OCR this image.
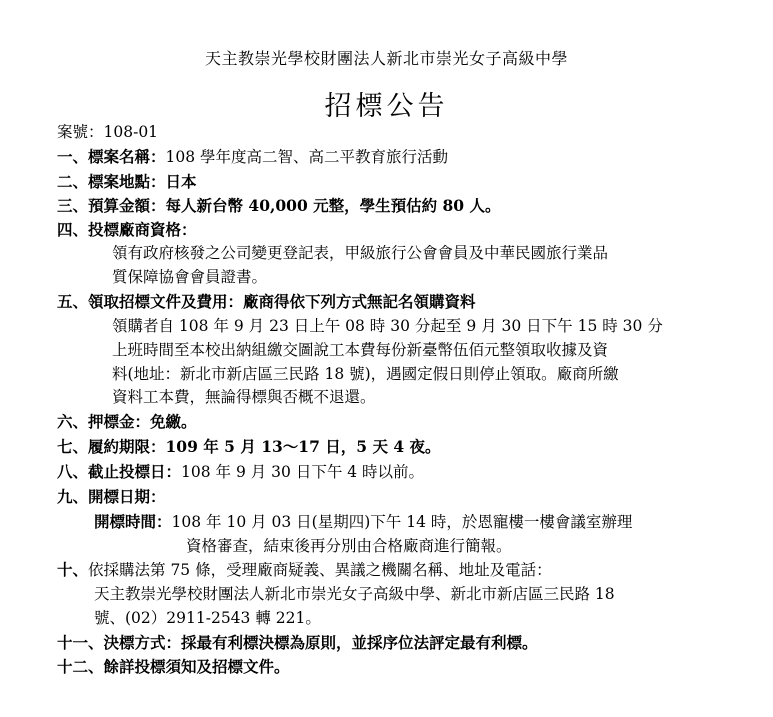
天主教崇光學校財團法人新北市崇光女子高級中學
招標公告
案號：108-01
一、標案名稱：108 學年度高二智、高二平教育旅行活動
二、標案地點：日本
三、預算金額：每人新台幣 40,000 元整，學生預估約 80 人。
四、投標廠商資格：
領有政府核發之公司變更登記表，甲級旅行公會會員及中華民國旅行業品
質保障協會會員證書。
五、領取招標文件及費用：廠商得依下列方式無記名領購資料
領購者自 108 年 9 月 23 日上午 08 時 30 分起至 9 月 30 日下午 15 時 30 分
上班時間至本校出納組繳交圖說工本費每份新臺幣伍佰元整領取收據及資
料(地址：新北市新店區三民路 18 號)，遇國定假日則停止領取。廠商所繳
資料工本費，無論得標與否概不退還。
六、押標金：免繳。
七、履約期限：109 年 5 月 13～17 日，5 天 4 夜。
八、截止投標日：108 年 9 月 30 日下午 4 時以前。
九、開標日期：
開標時間：108 年 10 月 03 日(星期四)下午 14 時，於恩寵樓一樓會議室辦理
資格審查，結束後再分別由合格廠商進行簡報。
十、依採購法第 75 條，受理廠商疑義、異議之機關名稱、地址及電話：
天主教崇光學校財團法人新北市崇光女子高級中學、新北市新店區三民路 18
號、(02）2911-2543 轉 221。
十一、決標方式：採最有利標決標為原則，並採序位法評定最有利標。
十二、餘詳投標須知及招標文件。
